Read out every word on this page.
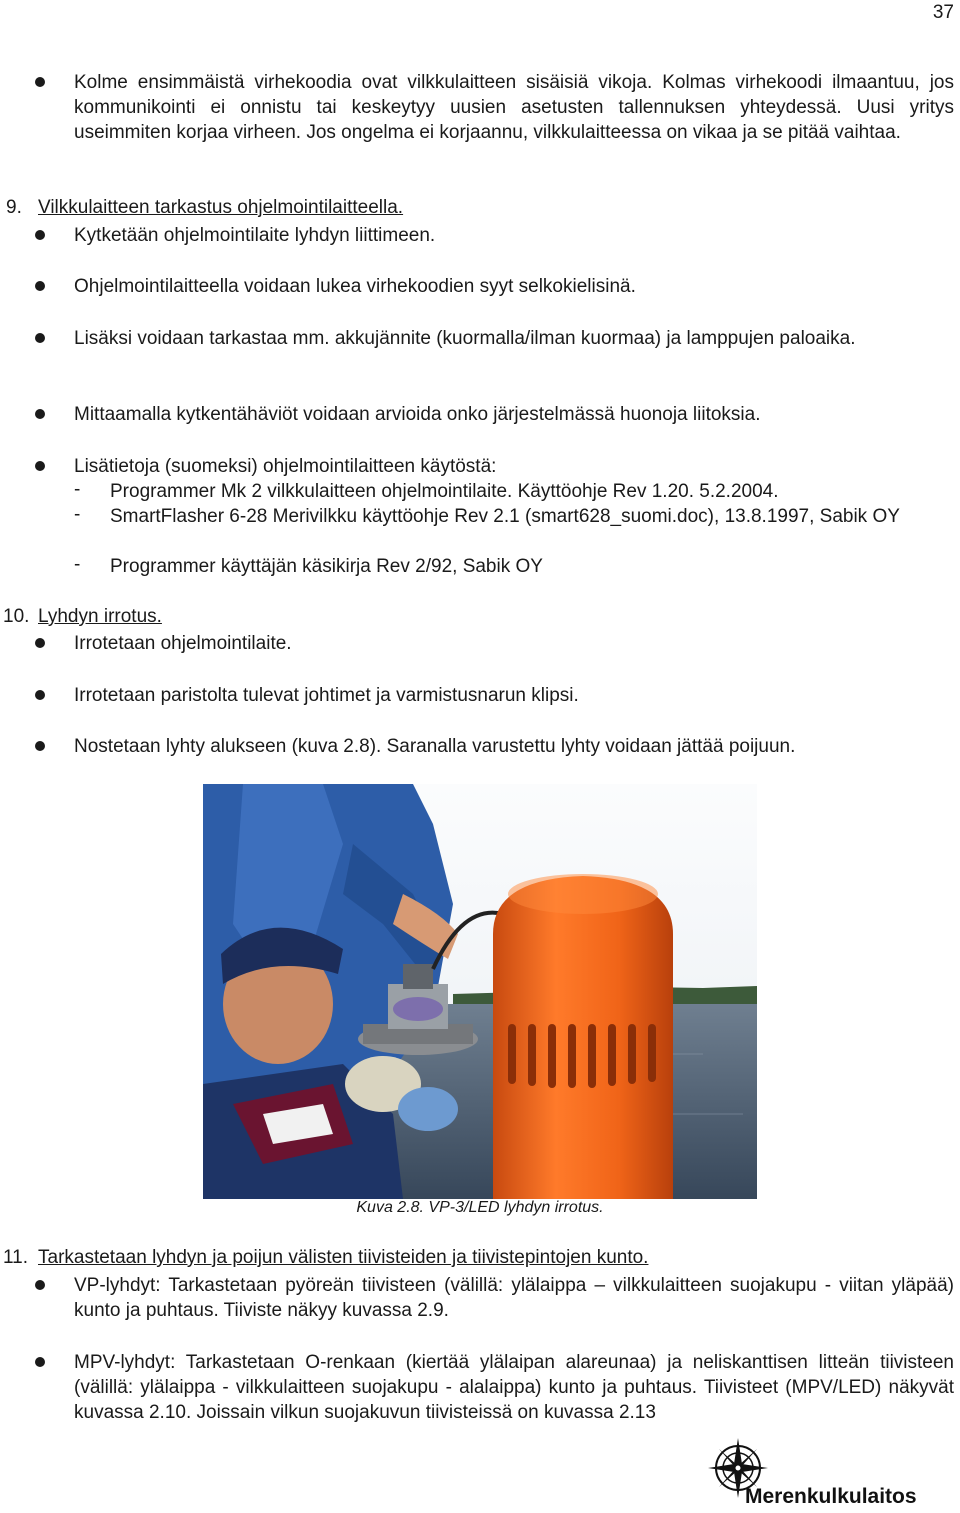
37
Kolme ensimmäistä virhekoodia ovat vilkkulaitteen sisäisiä vikoja. Kolmas virhekoodi ilmaantuu, jos kommunikointi ei onnistu tai keskeytyy uusien asetusten tallennuksen yhteydessä. Uusi yritys useimmiten korjaa virheen. Jos ongelma ei korjaannu, vilkkulaitteessa on vikaa ja se pitää vaihtaa.
9. Vilkkulaitteen tarkastus ohjelmointilaitteella.
Kytketään ohjelmointilaite lyhdyn liittimeen.
Ohjelmointilaitteella voidaan lukea virhekoodien syyt selkokielisinä.
Lisäksi voidaan tarkastaa mm. akkujännite (kuormalla/ilman kuormaa) ja lamppujen paloaika.
Mittaamalla kytkentähäviöt voidaan arvioida onko järjestelmässä huonoja liitoksia.
Lisätietoja (suomeksi) ohjelmointilaitteen käytöstä:
- Programmer Mk 2 vilkkulaitteen ohjelmointilaite. Käyttöohje Rev 1.20. 5.2.2004.
- SmartFlasher 6-28 Merivilkku käyttöohje Rev 2.1 (smart628_suomi.doc), 13.8.1997, Sabik OY
- Programmer käyttäjän käsikirja Rev 2/92, Sabik OY
10. Lyhdyn irrotus.
Irrotetaan ohjelmointilaite.
Irrotetaan paristolta tulevat johtimet ja varmistusnarun klipsi.
Nostetaan lyhty alukseen (kuva 2.8). Saranalla varustettu lyhty voidaan jättää poijuun.
Kuva 2.8. VP-3/LED lyhdyn irrotus.
11. Tarkastetaan lyhdyn ja poijun välisten tiivisteiden ja tiivistepintojen kunto.
VP-lyhdyt: Tarkastetaan pyöreän tiivisteen (välillä: ylälaippa – vilkkulaitteen suojakupu - viitan yläpää) kunto ja puhtaus. Tiiviste näkyy kuvassa 2.9.
MPV-lyhdyt: Tarkastetaan O-renkaan (kiertää ylälaipan alareunaa) ja neliskanttisen litteän tiivisteen (välillä: ylälaippa - vilkkulaitteen suojakupu - alalaippa) kunto ja puhtaus. Tiivisteet (MPV/LED) näkyvät kuvassa 2.10. Joissain vilkun suojakuvun tiivisteissä on kuvassa 2.13
Merenkulkulaitos
